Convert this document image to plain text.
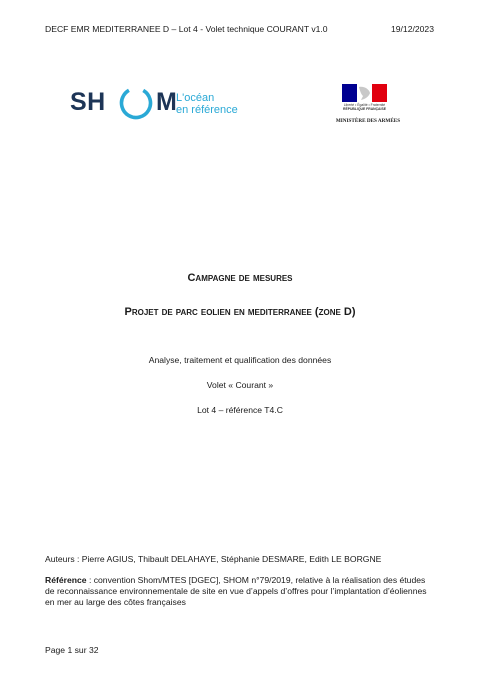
DECF EMR MEDITERRANEE D – Lot 4 - Volet technique COURANT v1.0	19/12/2023
SH M L'océan
en référence	Liberté • Égalité • Fraternité
RÉPUBLIQUE FRANÇAISE
MINISTÈRE DES ARMÉES
Campagne de mesures
Projet de parc eolien en mediterranee (zone D)
Analyse, traitement et qualification des données
Volet « Courant »
Lot 4 – référence T4.C
Auteurs : Pierre AGIUS, Thibault DELAHAYE, Stéphanie DESMARE, Edith LE BORGNE
Référence : convention Shom/MTES [DGEC], SHOM n°79/2019, relative à la réalisation des études de reconnaissance environnementale de site en vue d’appels d’offres pour l’implantation d’éoliennes en mer au large des côtes françaises
Page 1 sur 32
